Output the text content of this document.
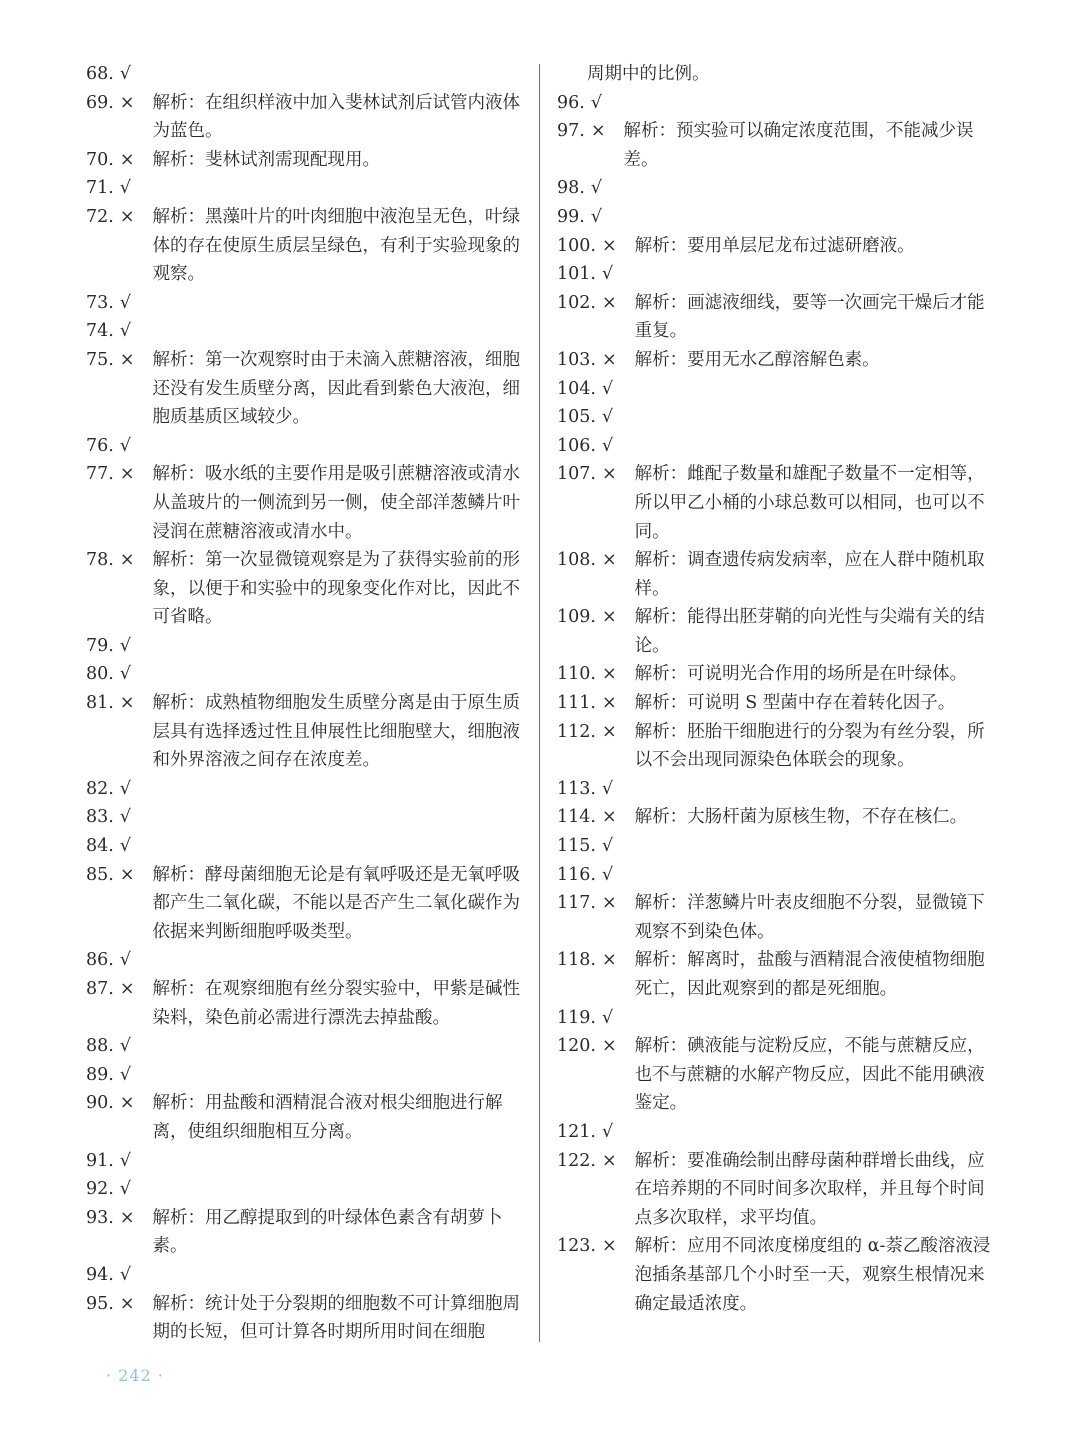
68. √
69. × 解析：在组织样液中加入斐林试剂后试管内液体为蓝色。
70. × 解析：斐林试剂需现配现用。
71. √
72. × 解析：黑藻叶片的叶肉细胞中液泡呈无色，叶绿体的存在使原生质层呈绿色，有利于实验现象的观察。
73. √
74. √
75. × 解析：第一次观察时由于未滴入蔗糖溶液，细胞还没有发生质壁分离，因此看到紫色大液泡，细胞质基质区域较少。
76. √
77. × 解析：吸水纸的主要作用是吸引蔗糖溶液或清水从盖玻片的一侧流到另一侧，使全部洋葱鳞片叶浸润在蔗糖溶液或清水中。
78. × 解析：第一次显微镜观察是为了获得实验前的形象，以便于和实验中的现象变化作对比，因此不可省略。
79. √
80. √
81. × 解析：成熟植物细胞发生质壁分离是由于原生质层具有选择透过性且伸展性比细胞壁大，细胞液和外界溶液之间存在浓度差。
82. √
83. √
84. √
85. × 解析：酵母菌细胞无论是有氧呼吸还是无氧呼吸都产生二氧化碳，不能以是否产生二氧化碳作为依据来判断细胞呼吸类型。
86. √
87. × 解析：在观察细胞有丝分裂实验中，甲紫是碱性染料，染色前必需进行漂洗去掉盐酸。
88. √
89. √
90. × 解析：用盐酸和酒精混合液对根尖细胞进行解离，使组织细胞相互分离。
91. √
92. √
93. × 解析：用乙醇提取到的叶绿体色素含有胡萝卜素。
94. √
95. × 解析：统计处于分裂期的细胞数不可计算细胞周期的长短，但可计算各时期所用时间在细胞
周期中的比例。
96. √
97. × 解析：预实验可以确定浓度范围，不能减少误差。
98. √
99. √
100. × 解析：要用单层尼龙布过滤研磨液。
101. √
102. × 解析：画滤液细线，要等一次画完干燥后才能重复。
103. × 解析：要用无水乙醇溶解色素。
104. √
105. √
106. √
107. × 解析：雌配子数量和雄配子数量不一定相等，所以甲乙小桶的小球总数可以相同，也可以不同。
108. × 解析：调查遗传病发病率，应在人群中随机取样。
109. × 解析：能得出胚芽鞘的向光性与尖端有关的结论。
110. × 解析：可说明光合作用的场所是在叶绿体。
111. × 解析：可说明 S 型菌中存在着转化因子。
112. × 解析：胚胎干细胞进行的分裂为有丝分裂，所以不会出现同源染色体联会的现象。
113. √
114. × 解析：大肠杆菌为原核生物，不存在核仁。
115. √
116. √
117. × 解析：洋葱鳞片叶表皮细胞不分裂，显微镜下观察不到染色体。
118. × 解析：解离时，盐酸与酒精混合液使植物细胞死亡，因此观察到的都是死细胞。
119. √
120. × 解析：碘液能与淀粉反应，不能与蔗糖反应，也不与蔗糖的水解产物反应，因此不能用碘液鉴定。
121. √
122. × 解析：要准确绘制出酵母菌种群增长曲线，应在培养期的不同时间多次取样，并且每个时间点多次取样，求平均值。
123. × 解析：应用不同浓度梯度组的 α-萘乙酸溶液浸泡插条基部几个小时至一天，观察生根情况来确定最适浓度。
· 242 ·
